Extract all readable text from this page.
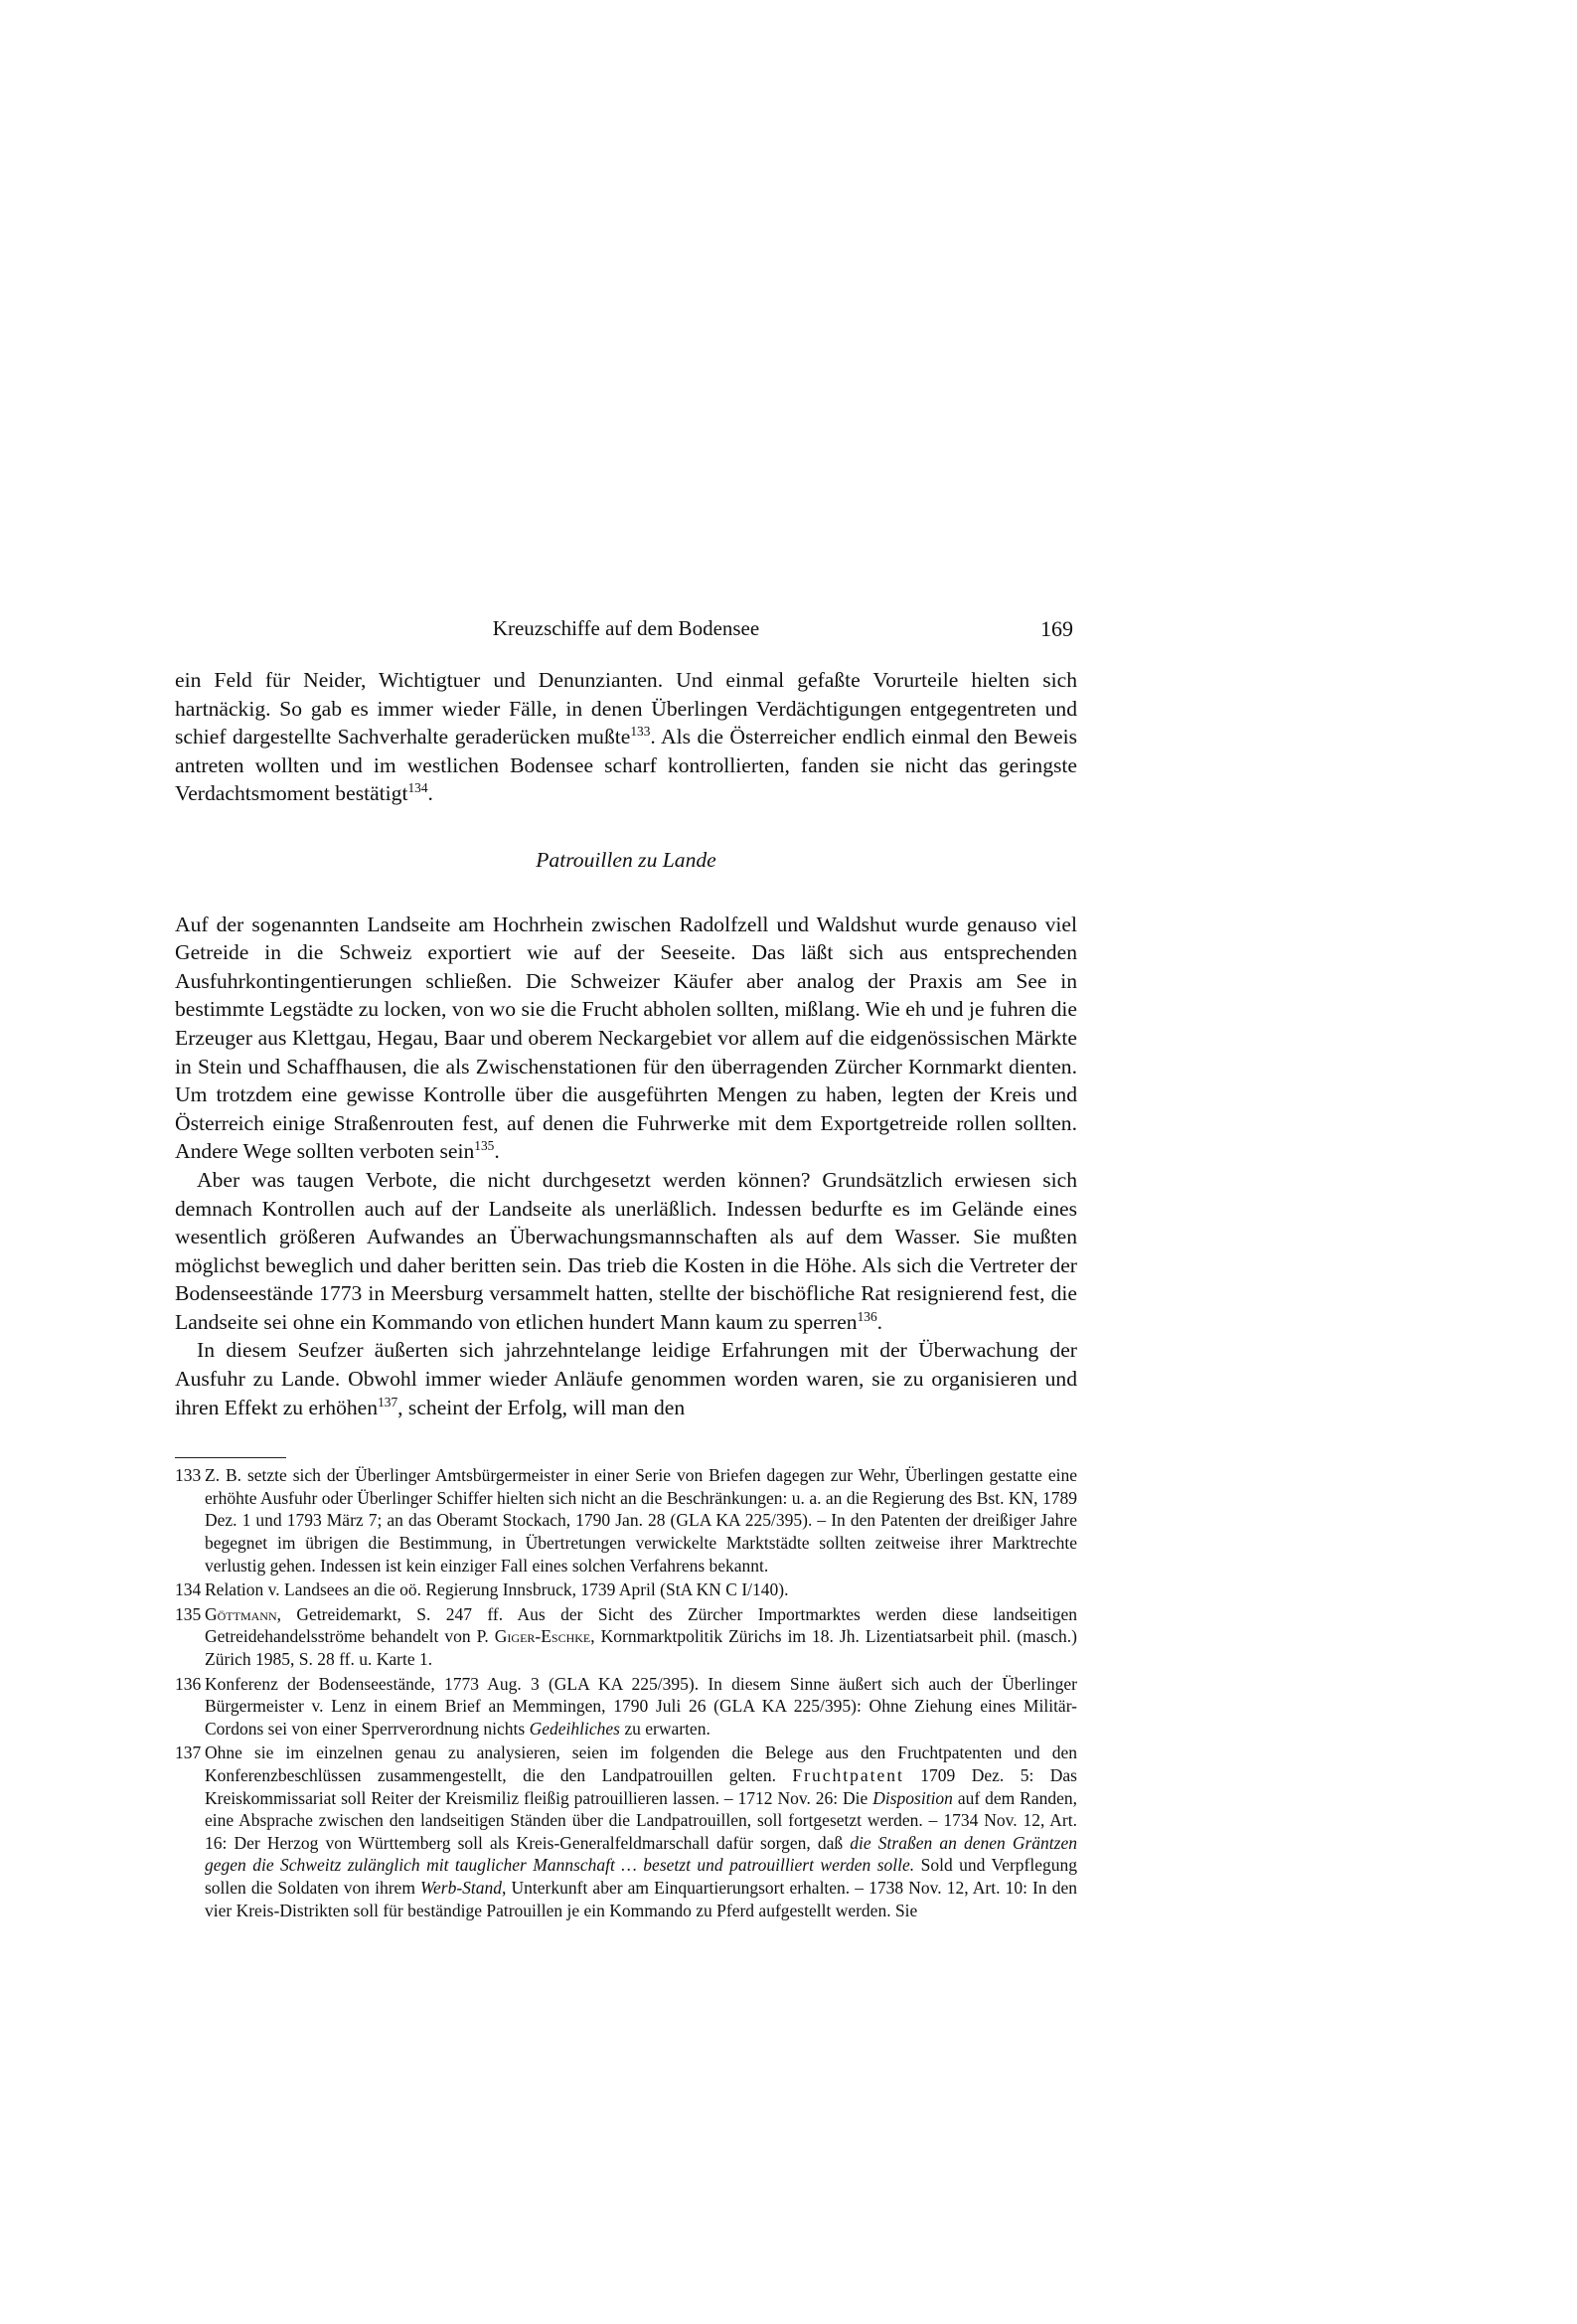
Kreuzschiffe auf dem Bodensee	169

ein Feld für Neider, Wichtigtuer und Denunzianten. Und einmal gefaßte Vorurteile hielten sich hartnäckig. So gab es immer wieder Fälle, in denen Überlingen Verdächtigungen entgegentreten und schief dargestellte Sachverhalte geraderücken mußte$^{133}$. Als die Österreicher endlich einmal den Beweis antreten wollten und im westlichen Bodensee scharf kontrollierten, fanden sie nicht das geringste Verdachtsmoment bestätigt$^{134}$.

Patrouillen zu Lande

Auf der sogenannten Landseite am Hochrhein zwischen Radolfzell und Waldshut wurde genauso viel Getreide in die Schweiz exportiert wie auf der Seeseite. Das läßt sich aus entsprechenden Ausfuhrkontingentierungen schließen. Die Schweizer Käufer aber analog der Praxis am See in bestimmte Legstädte zu locken, von wo sie die Frucht abholen sollten, mißlang. Wie eh und je fuhren die Erzeuger aus Klettgau, Hegau, Baar und oberem Neckargebiet vor allem auf die eidgenössischen Märkte in Stein und Schaffhausen, die als Zwischenstationen für den überragenden Zürcher Kornmarkt dienten. Um trotzdem eine gewisse Kontrolle über die ausgeführten Mengen zu haben, legten der Kreis und Österreich einige Straßenrouten fest, auf denen die Fuhrwerke mit dem Exportgetreide rollen sollten. Andere Wege sollten verboten sein$^{135}$.

Aber was taugen Verbote, die nicht durchgesetzt werden können? Grundsätzlich erwiesen sich demnach Kontrollen auch auf der Landseite als unerläßlich. Indessen bedurfte es im Gelände eines wesentlich größeren Aufwandes an Überwachungsmannschaften als auf dem Wasser. Sie mußten möglichst beweglich und daher beritten sein. Das trieb die Kosten in die Höhe. Als sich die Vertreter der Bodenseestände 1773 in Meersburg versammelt hatten, stellte der bischöfliche Rat resignierend fest, die Landseite sei ohne ein Kommando von etlichen hundert Mann kaum zu sperren$^{136}$.

In diesem Seufzer äußerten sich jahrzehntelange leidige Erfahrungen mit der Überwachung der Ausfuhr zu Lande. Obwohl immer wieder Anläufe genommen worden waren, sie zu organisieren und ihren Effekt zu erhöhen$^{137}$, scheint der Erfolg, will man den

133 Z. B. setzte sich der Überlinger Amtsbürgermeister in einer Serie von Briefen dagegen zur Wehr, Überlingen gestatte eine erhöhte Ausfuhr oder Überlinger Schiffer hielten sich nicht an die Beschränkungen: u. a. an die Regierung des Bst. KN, 1789 Dez. 1 und 1793 März 7; an das Oberamt Stockach, 1790 Jan. 28 (GLA KA 225/395). – In den Patenten der dreißiger Jahre begegnet im übrigen die Bestimmung, in Übertretungen verwickelte Marktstädte sollten zeitweise ihrer Marktrechte verlustig gehen. Indessen ist kein einziger Fall eines solchen Verfahrens bekannt.
134 Relation v. Landsees an die oö. Regierung Innsbruck, 1739 April (StA KN C I/140).
135 Göttmann, Getreidemarkt, S. 247 ff. Aus der Sicht des Zürcher Importmarktes werden diese landseitigen Getreidehandelsströme behandelt von P. Giger-Eschke, Kornmarktpolitik Zürichs im 18. Jh. Lizentiatsarbeit phil. (masch.) Zürich 1985, S. 28 ff. u. Karte 1.
136 Konferenz der Bodenseestände, 1773 Aug. 3 (GLA KA 225/395). In diesem Sinne äußert sich auch der Überlinger Bürgermeister v. Lenz in einem Brief an Memmingen, 1790 Juli 26 (GLA KA 225/395): Ohne Ziehung eines Militär-Cordons sei von einer Sperrverordnung nichts Gedeihliches zu erwarten.
137 Ohne sie im einzelnen genau zu analysieren, seien im folgenden die Belege aus den Fruchtpatenten und den Konferenzbeschlüssen zusammengestellt, die den Landpatrouillen gelten. Fruchtpatent 1709 Dez. 5: Das Kreiskommissariat soll Reiter der Kreismiliz fleißig patrouillieren lassen. – 1712 Nov. 26: Die Disposition auf dem Randen, eine Absprache zwischen den landseitigen Ständen über die Landpatrouillen, soll fortgesetzt werden. – 1734 Nov. 12, Art. 16: Der Herzog von Württemberg soll als Kreis-Generalfeldmarschall dafür sorgen, daß die Straßen an denen Gräntzen gegen die Schweitz zulänglich mit tauglicher Mannschaft … besetzt und patrouilliert werden solle. Sold und Verpflegung sollen die Soldaten von ihrem Werb-Stand, Unterkunft aber am Einquartierungsort erhalten. – 1738 Nov. 12, Art. 10: In den vier Kreis-Distrikten soll für beständige Patrouillen je ein Kommando zu Pferd aufgestellt werden. Sie
